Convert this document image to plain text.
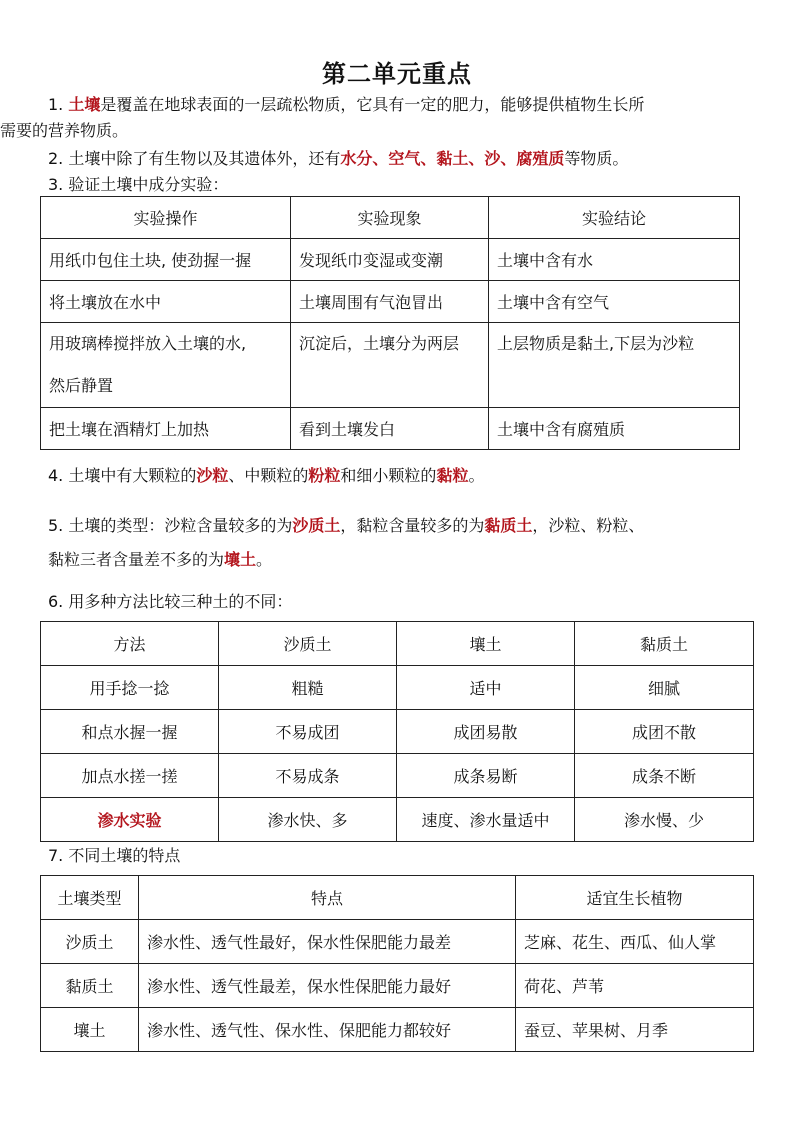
第二单元重点
1. 土壤是覆盖在地球表面的一层疏松物质，它具有一定的肥力，能够提供植物生长所
需要的营养物质。
2. 土壤中除了有生物以及其遗体外，还有水分、空气、黏土、沙、腐殖质等物质。
3. 验证土壤中成分实验：
实验操作	实验现象	实验结论
用纸巾包住土块, 使劲握一握	发现纸巾变湿或变潮	土壤中含有水
将土壤放在水中	土壤周围有气泡冒出	土壤中含有空气
用玻璃棒搅拌放入土壤的水,
然后静置	沉淀后，土壤分为两层	上层物质是黏土,下层为沙粒
把土壤在酒精灯上加热	看到土壤发白	土壤中含有腐殖质
4. 土壤中有大颗粒的沙粒、中颗粒的粉粒和细小颗粒的黏粒。
5. 土壤的类型：沙粒含量较多的为沙质土，黏粒含量较多的为黏质土，沙粒、粉粒、
黏粒三者含量差不多的为壤土。
6. 用多种方法比较三种土的不同：
方法	沙质土	壤土	黏质土
用手捻一捻	粗糙	适中	细腻
和点水握一握	不易成团	成团易散	成团不散
加点水搓一搓	不易成条	成条易断	成条不断
渗水实验	渗水快、多	速度、渗水量适中	渗水慢、少
7. 不同土壤的特点
土壤类型	特点	适宜生长植物
沙质土	渗水性、透气性最好，保水性保肥能力最差	芝麻、花生、西瓜、仙人掌
黏质土	渗水性、透气性最差，保水性保肥能力最好	荷花、芦苇
壤土	渗水性、透气性、保水性、保肥能力都较好	蚕豆、苹果树、月季
